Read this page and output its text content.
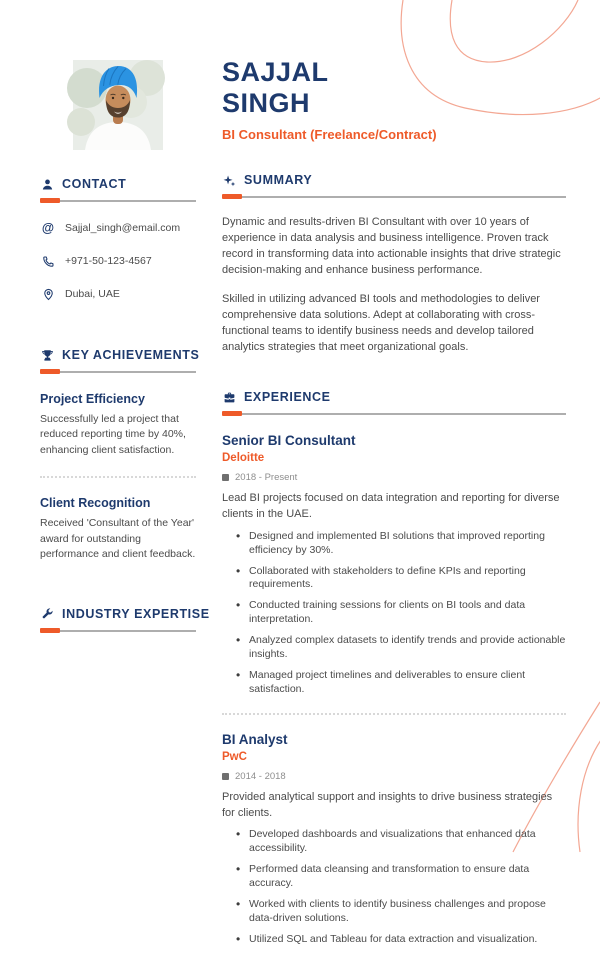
CONTACT
@ Sajjal_singh@email.com
+971-50-123-4567
Dubai, UAE
KEY ACHIEVEMENTS
Project Efficiency

Successfully led a project that reduced reporting time by 40%, enhancing client satisfaction.

Client Recognition

Received 'Consultant of the Year' award for outstanding performance and client feedback.

INDUSTRY EXPERTISE
SAJJAL
SINGH
BI Consultant (Freelance/Contract)
SUMMARY

Dynamic and results-driven BI Consultant with over 10 years of experience in data analysis and business intelligence. Proven track record in transforming data into actionable insights that drive strategic decision-making and enhance business performance.

Skilled in utilizing advanced BI tools and methodologies to deliver comprehensive data solutions. Adept at collaborating with cross-functional teams to identify business needs and develop tailored analytics strategies that meet organizational goals.

EXPERIENCE
Senior BI Consultant
Deloitte
2018 - Present

Lead BI projects focused on data integration and reporting for diverse clients in the UAE.

• Designed and implemented BI solutions that improved reporting efficiency by 30%.
• Collaborated with stakeholders to define KPIs and reporting requirements.
• Conducted training sessions for clients on BI tools and data interpretation.
• Analyzed complex datasets to identify trends and provide actionable insights.
• Managed project timelines and deliverables to ensure client satisfaction.
BI Analyst
PwC
2014 - 2018

Provided analytical support and insights to drive business strategies for clients.

• Developed dashboards and visualizations that enhanced data accessibility.
• Performed data cleansing and transformation to ensure data accuracy.
• Worked with clients to identify business challenges and propose data-driven solutions.
• Utilized SQL and Tableau for data extraction and visualization.
